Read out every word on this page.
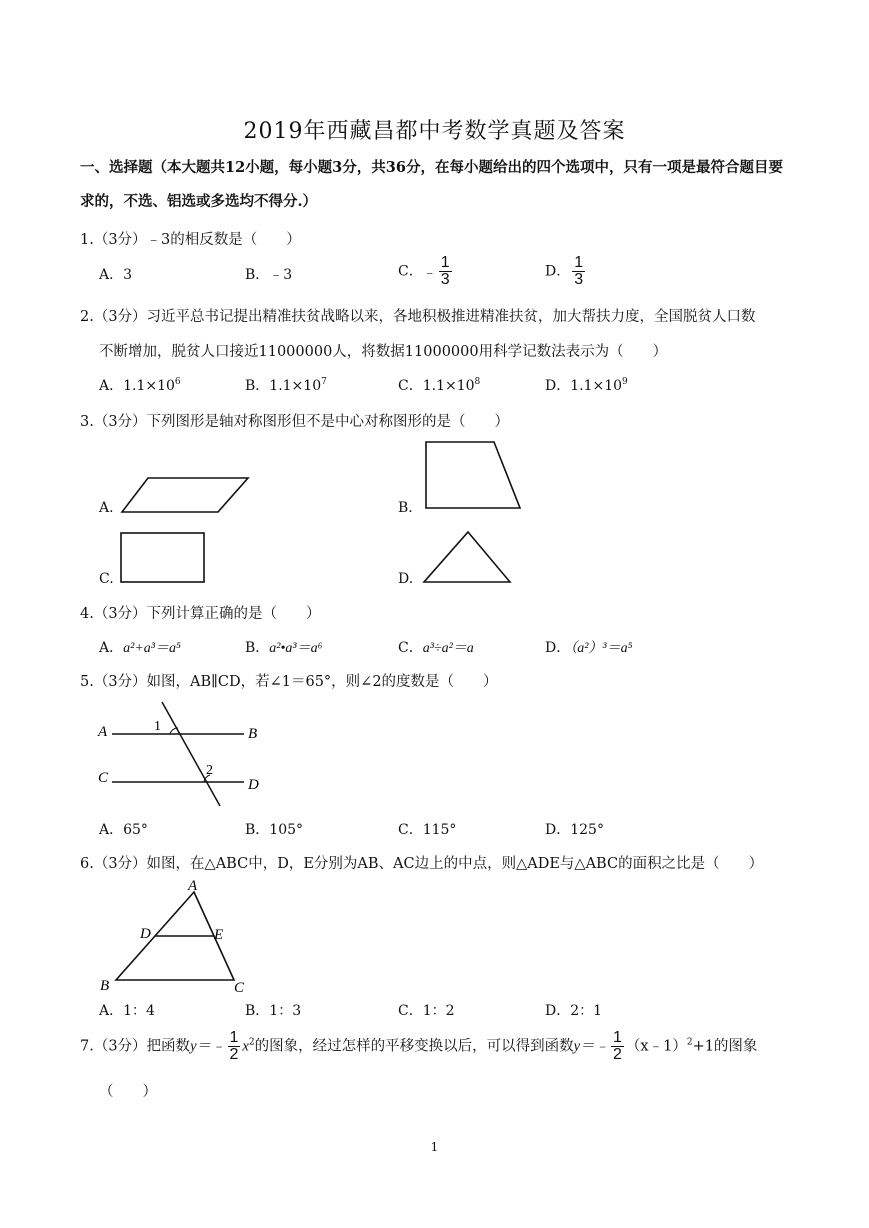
2019年西藏昌都中考数学真题及答案
一、选择题（本大题共12小题，每小题3分，共36分，在每小题给出的四个选项中，只有一项是最符合题目要求的，不选、铝选或多选均不得分.）
1.（3分）﹣3的相反数是（　　）
A．3	B．﹣3	C．﹣ $\frac{1}{3}$	D． $\frac{1}{3}$
2.（3分）习近平总书记提出精准扶贫战略以来，各地积极推进精准扶贫，加大帮扶力度，全国脱贫人口数
不断增加，脱贫人口接近11000000人，将数据11000000用科学记数法表示为（　　）
A．$1.1\times 10^6$	B．$1.1\times 10^7$	C．$1.1\times 10^8$	D．$1.1\times 10^9$
3.（3分）下列图形是轴对称图形但不是中心对称图形的是（　　）
A.	B.
C.	D.
4.（3分）下列计算正确的是（　　）
A．a²+a³＝a⁵	B．a²•a³＝a⁶	C．a³÷a²＝a	D．（a²）³＝a⁵
5.（3分）如图，AB∥CD，若∠1＝65°，则∠2的度数是（　　）
A	B
C	D
1
2
A．65°	B．105°	C．115°	D．125°
6.（3分）如图，在△ABC中，D，E分别为AB、AC边上的中点，则△ADE与△ABC的面积之比是（　　）
A
D	E
B	C
A．1：4	B．1：3	C．1：2	D．2：1
7.（3分）把函数y＝﹣ $\frac{1}{2} x^2$的图象，经过怎样的平移变换以后，可以得到函数y＝﹣ $\frac{1}{2}$ （x﹣1）$^2$+1的图象
（　　）
1
